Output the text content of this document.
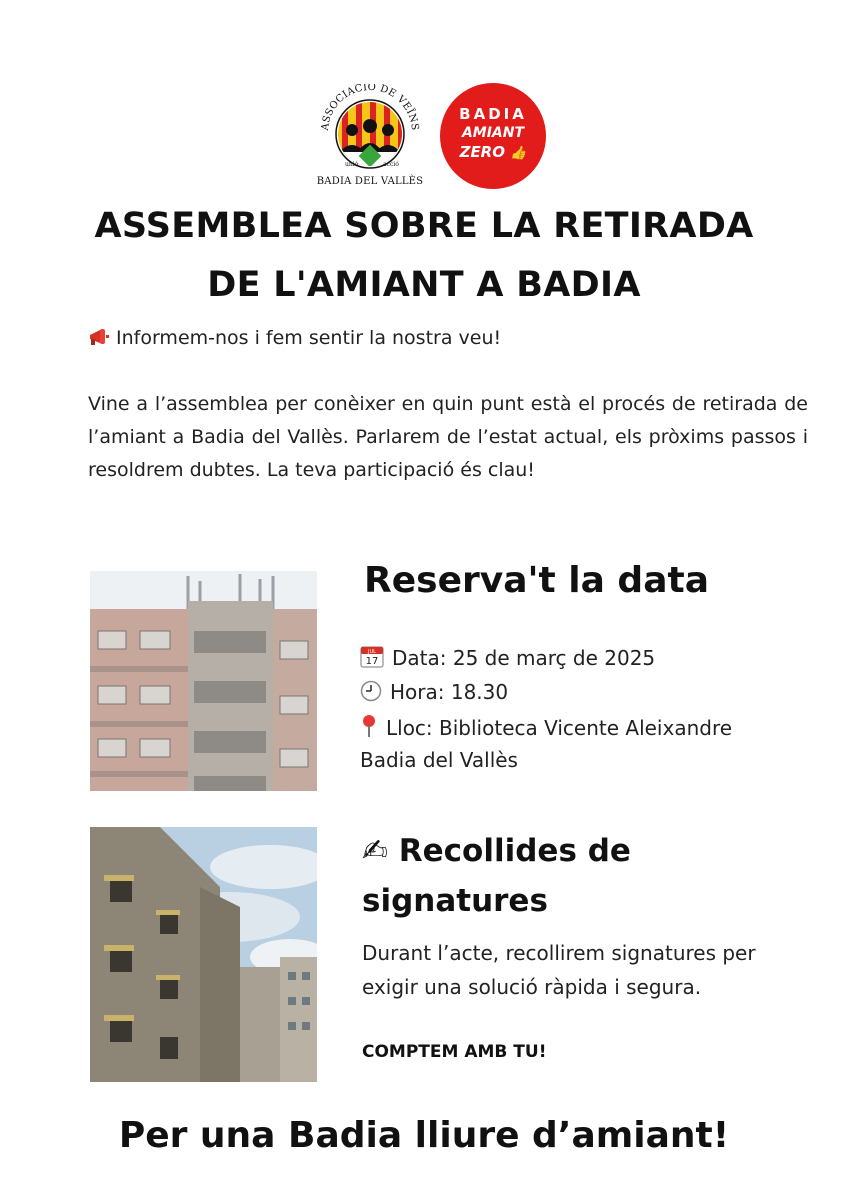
ASSOCIACIÓ DE VEÏNS
unió	acció
BADIA DEL VALLÈS
BADIA
AMIANT
ZERO 👍
ASSEMBLEA SOBRE LA RETIRADA
DE L'AMIANT A BADIA
Informem-nos i fem sentir la nostra veu!
Vine a l’assemblea per conèixer en quin punt està el procés de retirada de l’amiant a Badia del Vallès. Parlarem de l’estat actual, els pròxims passos i resoldrem dubtes. La teva participació és clau!
Reserva't la data
JUL
17 Data: 25 de març de 2025
Hora: 18.30
Lloc: Biblioteca Vicente Aleixandre
Badia del Vallès
✍ Recollides de signatures
Durant l’acte, recollirem signatures per exigir una solució ràpida i segura.
COMPTEM AMB TU!
Per una Badia lliure d’amiant!
